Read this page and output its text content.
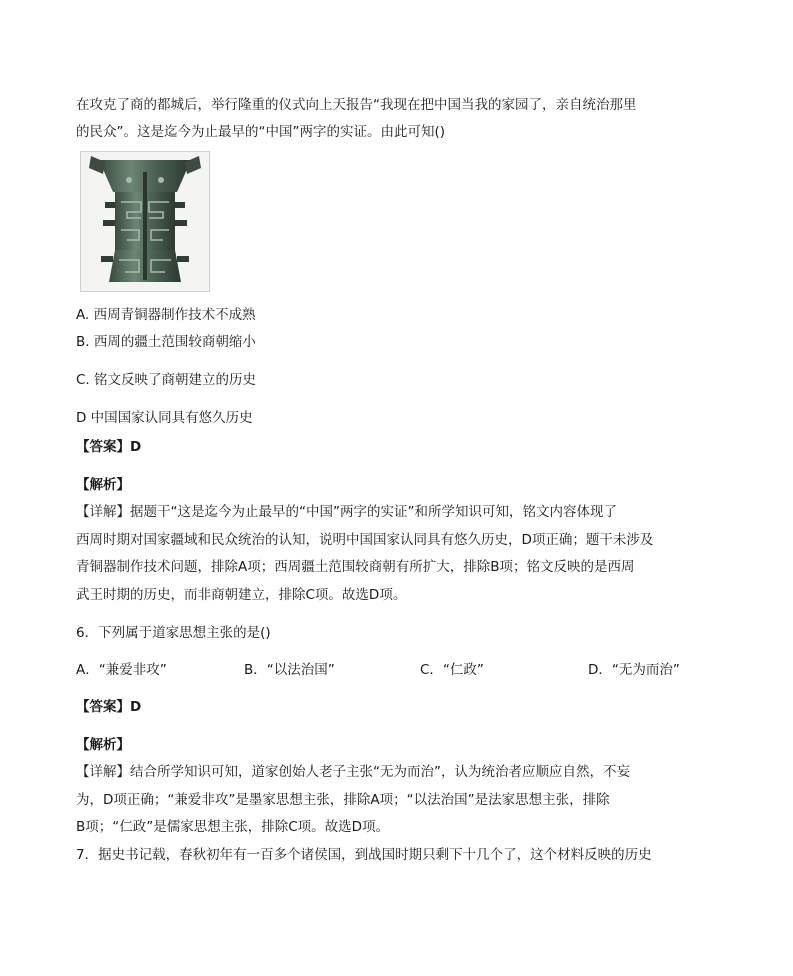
在攻克了商的都城后，举行隆重的仪式向上天报告“我现在把中国当我的家园了，亲自统治那里
的民众”。这是迄今为止最早的“中国”两字的实证。由此可知()
A. 西周青铜器制作技术不成熟
B. 西周的疆土范围较商朝缩小
C. 铭文反映了商朝建立的历史
D 中国国家认同具有悠久历史
【答案】D
【解析】
【详解】据题干“这是迄今为止最早的“中国”两字的实证”和所学知识可知，铭文内容体现了
西周时期对国家疆域和民众统治的认知，说明中国国家认同具有悠久历史，D项正确；题干未涉及
青铜器制作技术问题，排除A项；西周疆土范围较商朝有所扩大，排除B项；铭文反映的是西周
武王时期的历史，而非商朝建立，排除C项。故选D项。
6．下列属于道家思想主张的是()
A．“兼爱非攻”	B．“以法治国”	C．“仁政”	D．“无为而治”
【答案】D
【解析】
【详解】结合所学知识可知，道家创始人老子主张“无为而治”，认为统治者应顺应自然，不妄
为，D项正确；“兼爱非攻”是墨家思想主张，排除A项；“以法治国”是法家思想主张，排除
B项；“仁政”是儒家思想主张，排除C项。故选D项。
7．据史书记载，春秋初年有一百多个诸侯国，到战国时期只剩下十几个了，这个材料反映的历史
